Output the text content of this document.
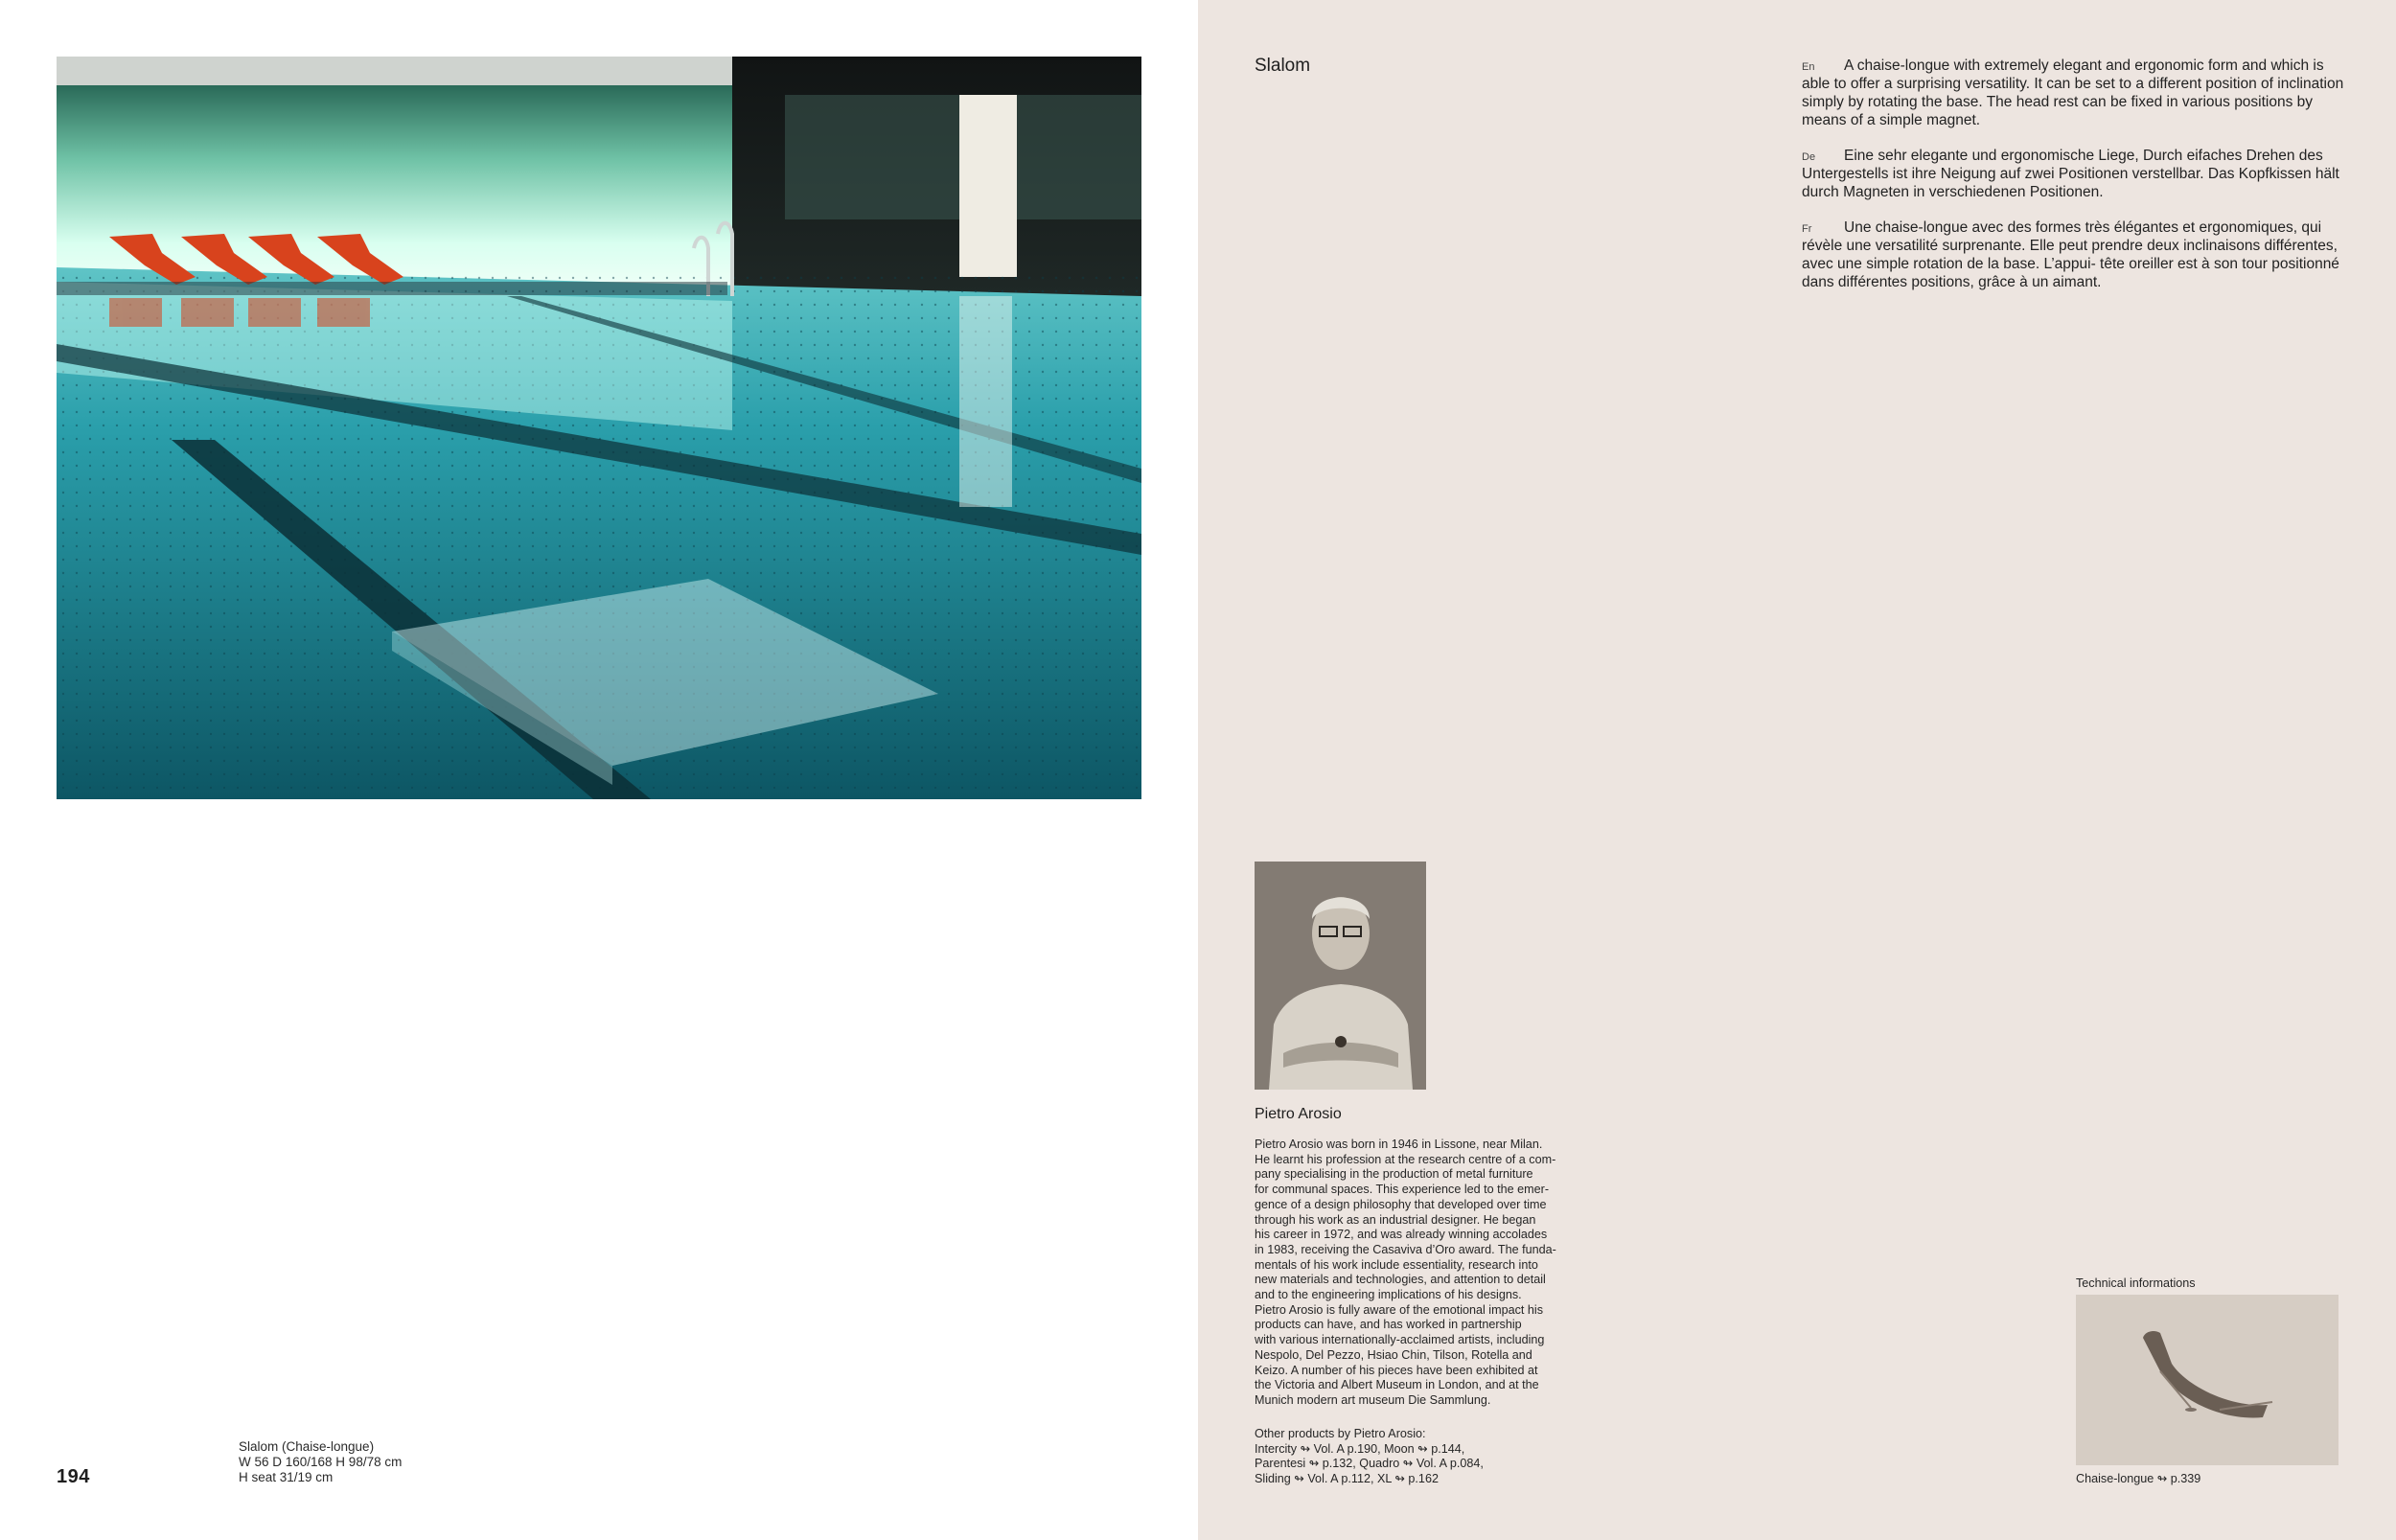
194
Slalom (Chaise-longue)
W 56 D 160/168 H 98/78 cm
H seat 31/19 cm
Slalom	En	A chaise-longue with extremely elegant and ergonomic form and which is able to offer a surprising versatility. It can be set to a different position of inclination simply by rotating the base. The head rest can be fixed in various positions by means of a simple magnet.
De	Eine sehr elegante und ergonomische Liege, Durch eifaches Drehen des Untergestells ist ihre Neigung auf zwei Positionen verstellbar. Das Kopfkissen hält durch Magneten in verschiedenen Positionen.
Fr	Une chaise-longue avec des formes très élégantes et ergonomiques, qui révèle une versatilité surprenante. Elle peut prendre deux inclinaisons différentes, avec une simple rotation de la base. L’appui- tête oreiller est à son tour positionné dans différentes positions, grâce à un aimant.
Pietro Arosio
Pietro Arosio was born in 1946 in Lissone, near Milan.
He learnt his profession at the research centre of a com-
pany specialising in the production of metal furniture
for communal spaces. This experience led to the emer-
gence of a design philosophy that developed over time
through his work as an industrial designer. He began
his career in 1972, and was already winning accolades
in 1983, receiving the Casaviva d’Oro award. The funda-
mentals of his work include essentiality, research into
new materials and technologies, and attention to detail
and to the engineering implications of his designs.
Pietro Arosio is fully aware of the emotional impact his
products can have, and has worked in partnership
with various internationally-acclaimed artists, including
Nespolo, Del Pezzo, Hsiao Chin, Tilson, Rotella and
Keizo. A number of his pieces have been exhibited at
the Victoria and Albert Museum in London, and at the
Munich modern art museum Die Sammlung.
Other products by Pietro Arosio:
Intercity ↬ Vol. A p.190, Moon ↬ p.144,
Parentesi ↬ p.132, Quadro ↬ Vol. A p.084,
Sliding ↬ Vol. A p.112, XL ↬ p.162
Technical informations
Chaise-longue ↬ p.339
